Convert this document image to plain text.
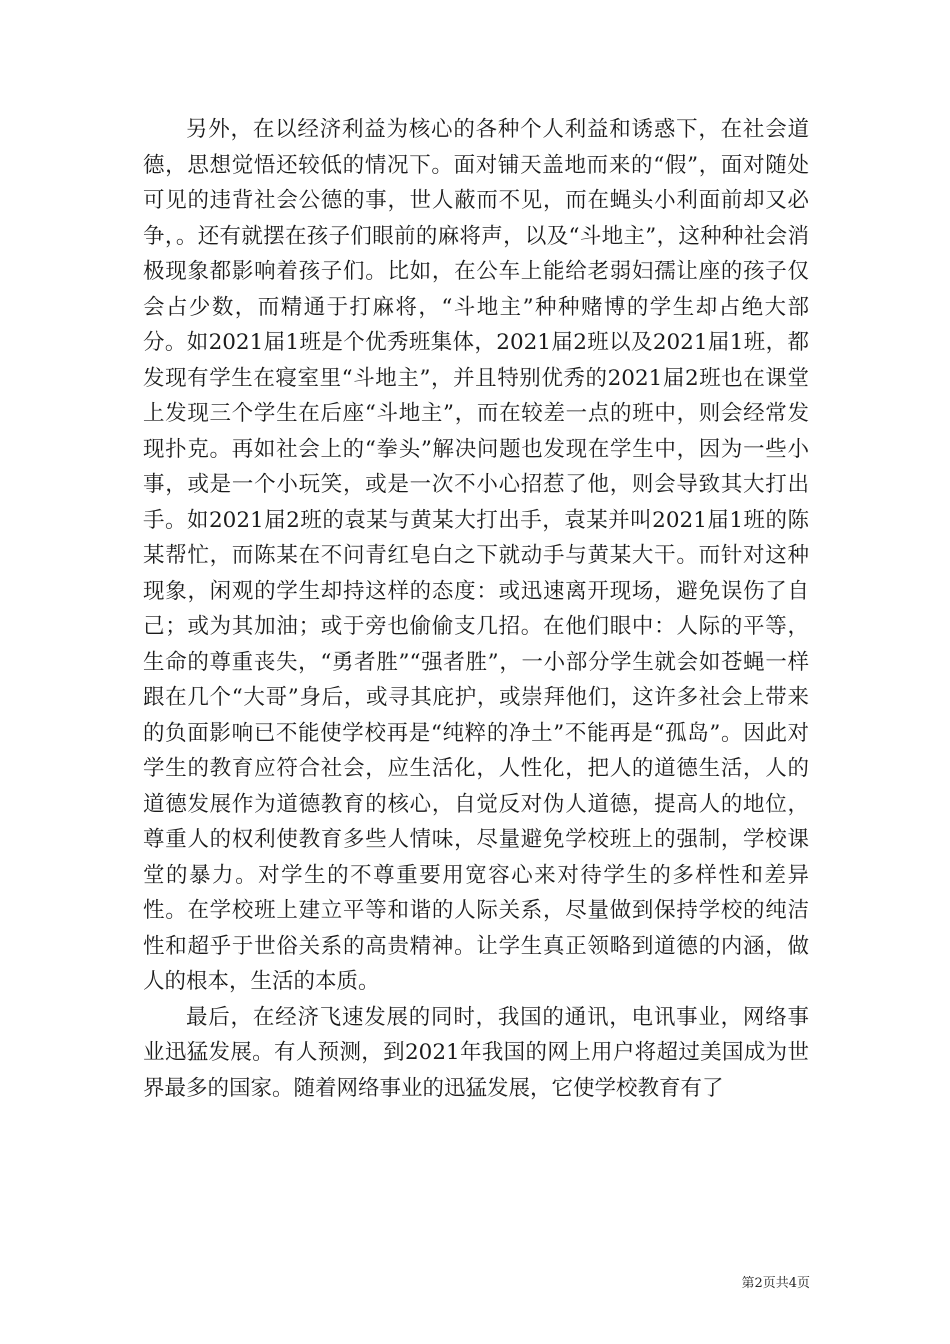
另外，在以经济利益为核心的各种个人利益和诱惑下，在社会道德，思想觉悟还较低的情况下。面对铺天盖地而来的“假”，面对随处可见的违背社会公德的事，世人蔽而不见，而在蝇头小利面前却又必争，。还有就摆在孩子们眼前的麻将声，以及“斗地主”，这种种社会消极现象都影响着孩子们。比如，在公车上能给老弱妇孺让座的孩子仅会占少数，而精通于打麻将，“斗地主”种种赌博的学生却占绝大部分。如2021届1班是个优秀班集体，2021届2班以及2021届1班，都发现有学生在寝室里“斗地主”，并且特别优秀的2021届2班也在课堂上发现三个学生在后座“斗地主”，而在较差一点的班中，则会经常发现扑克。再如社会上的“拳头”解决问题也发现在学生中，因为一些小事，或是一个小玩笑，或是一次不小心招惹了他，则会导致其大打出手。如2021届2班的袁某与黄某大打出手，袁某并叫2021届1班的陈某帮忙，而陈某在不问青红皂白之下就动手与黄某大干。而针对这种现象，闲观的学生却持这样的态度：或迅速离开现场，避免误伤了自己；或为其加油；或于旁也偷偷支几招。在他们眼中：人际的平等，生命的尊重丧失，“勇者胜”“强者胜”，一小部分学生就会如苍蝇一样跟在几个“大哥”身后，或寻其庇护，或崇拜他们，这许多社会上带来的负面影响已不能使学校再是“纯粹的净土”不能再是“孤岛”。因此对学生的教育应符合社会，应生活化，人性化，把人的道德生活，人的道德发展作为道德教育的核心，自觉反对伪人道德，提高人的地位，尊重人的权利使教育多些人情味，尽量避免学校班上的强制，学校课堂的暴力。对学生的不尊重要用宽容心来对待学生的多样性和差异性。在学校班上建立平等和谐的人际关系，尽量做到保持学校的纯洁性和超乎于世俗关系的高贵精神。让学生真正领略到道德的内涵，做人的根本，生活的本质。

最后，在经济飞速发展的同时，我国的通讯，电讯事业，网络事业迅猛发展。有人预测，到2021年我国的网上用户将超过美国成为世界最多的国家。随着网络事业的迅猛发展，它使学校教育有了

第2页共4页
